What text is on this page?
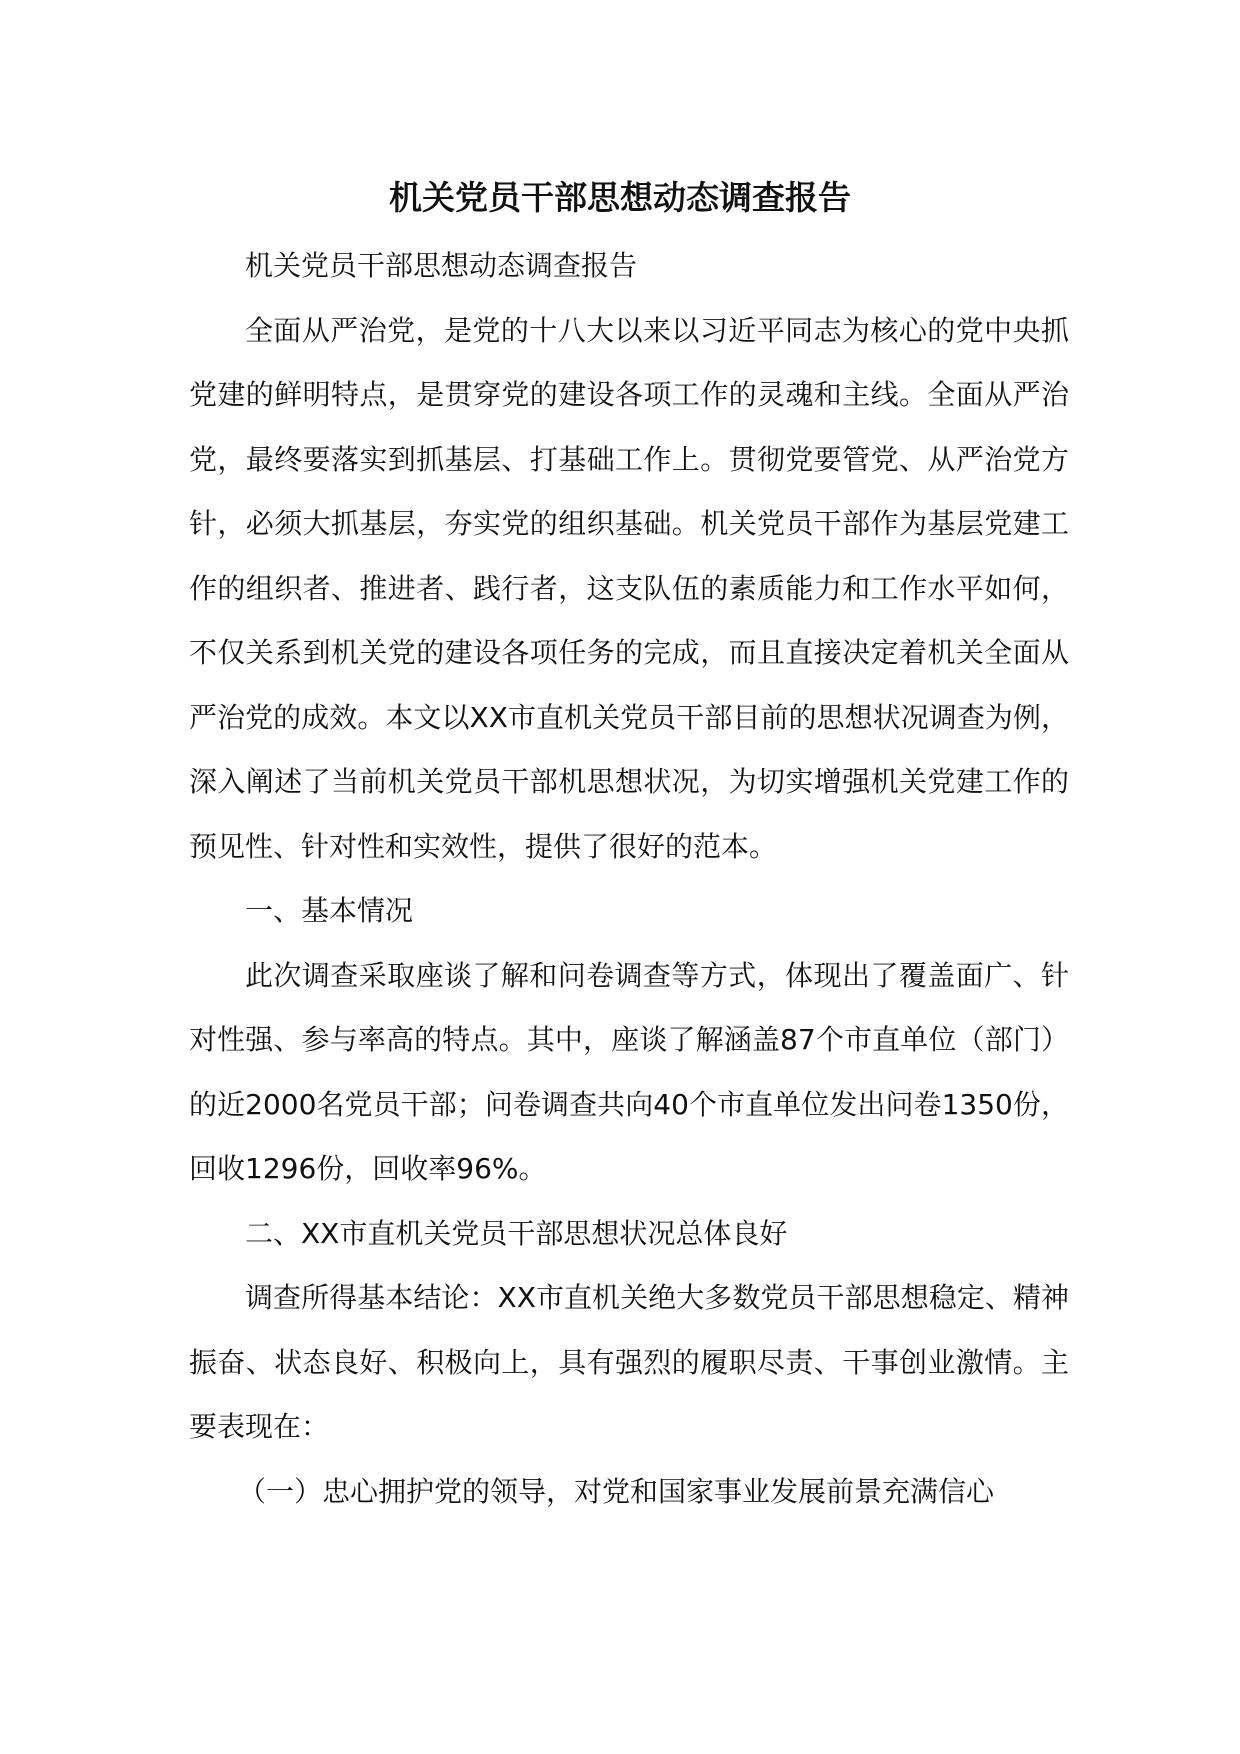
机关党员干部思想动态调查报告

机关党员干部思想动态调查报告

全面从严治党，是党的十八大以来以习近平同志为核心的党中央抓党建的鲜明特点，是贯穿党的建设各项工作的灵魂和主线。全面从严治党，最终要落实到抓基层、打基础工作上。贯彻党要管党、从严治党方针，必须大抓基层，夯实党的组织基础。机关党员干部作为基层党建工作的组织者、推进者、践行者，这支队伍的素质能力和工作水平如何，不仅关系到机关党的建设各项任务的完成，而且直接决定着机关全面从严治党的成效。本文以XX市直机关党员干部目前的思想状况调查为例，深入阐述了当前机关党员干部机思想状况，为切实增强机关党建工作的预见性、针对性和实效性，提供了很好的范本。

一、基本情况

此次调查采取座谈了解和问卷调查等方式，体现出了覆盖面广、针对性强、参与率高的特点。其中，座谈了解涵盖87个市直单位（部门）的近2000名党员干部；问卷调查共向40个市直单位发出问卷1350份，回收1296份，回收率96%。

二、XX市直机关党员干部思想状况总体良好

调查所得基本结论：XX市直机关绝大多数党员干部思想稳定、精神振奋、状态良好、积极向上，具有强烈的履职尽责、干事创业激情。主要表现在：

（一）忠心拥护党的领导，对党和国家事业发展前景充满信心
